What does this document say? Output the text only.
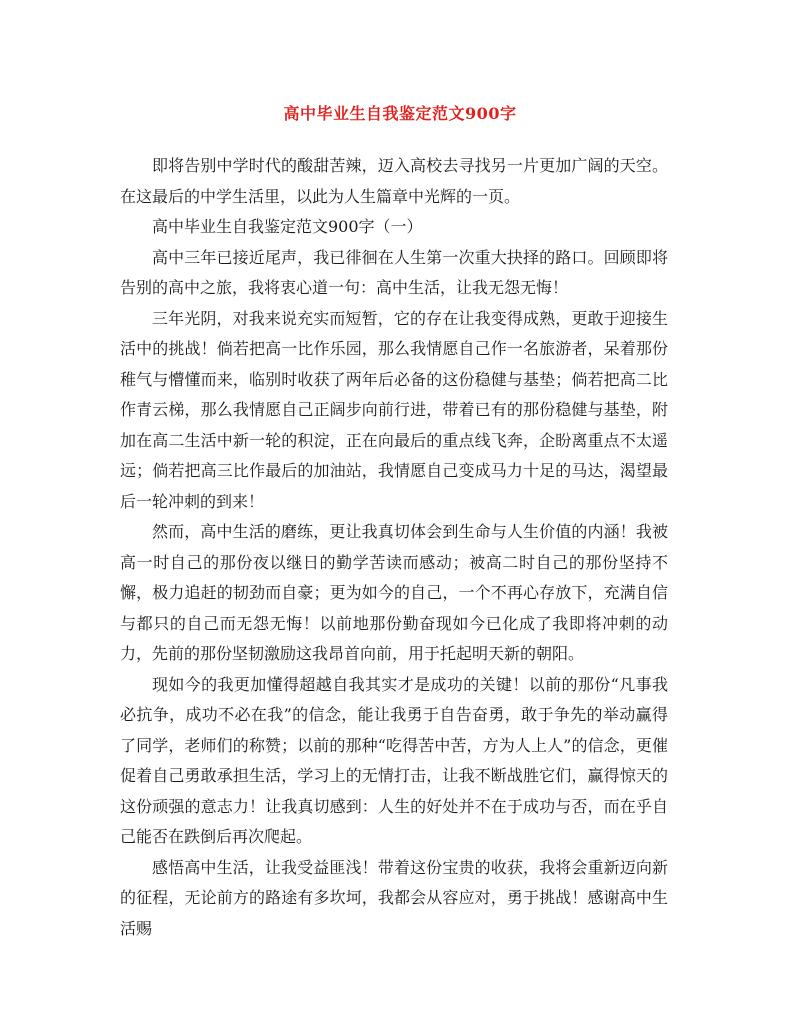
高中毕业生自我鉴定范文900字

即将告别中学时代的酸甜苦辣，迈入高校去寻找另一片更加广阔的天空。在这最后的中学生活里，以此为人生篇章中光辉的一页。

高中毕业生自我鉴定范文900字（一）

高中三年已接近尾声，我已徘徊在人生第一次重大抉择的路口。回顾即将告别的高中之旅，我将衷心道一句：高中生活，让我无怨无悔！

三年光阴，对我来说充实而短暂，它的存在让我变得成熟，更敢于迎接生活中的挑战！倘若把高一比作乐园，那么我情愿自己作一名旅游者，呆着那份稚气与懵懂而来，临别时收获了两年后必备的这份稳健与基垫；倘若把高二比作青云梯，那么我情愿自己正阔步向前行进，带着已有的那份稳健与基垫，附加在高二生活中新一轮的积淀，正在向最后的重点线飞奔，企盼离重点不太遥远；倘若把高三比作最后的加油站，我情愿自己变成马力十足的马达，渴望最后一轮冲刺的到来！

然而，高中生活的磨练，更让我真切体会到生命与人生价值的内涵！我被高一时自己的那份夜以继日的勤学苦读而感动；被高二时自己的那份坚持不懈，极力追赶的韧劲而自豪；更为如今的自己，一个不再心存放下，充满自信与都只的自己而无怨无悔！以前地那份勤奋现如今已化成了我即将冲刺的动力，先前的那份坚韧激励这我昂首向前，用于托起明天新的朝阳。

现如今的我更加懂得超越自我其实才是成功的关键！以前的那份“凡事我必抗争，成功不必在我”的信念，能让我勇于自告奋勇，敢于争先的举动赢得了同学，老师们的称赞；以前的那种“吃得苦中苦，方为人上人”的信念，更催促着自己勇敢承担生活，学习上的无情打击，让我不断战胜它们，赢得惊天的这份顽强的意志力！让我真切感到：人生的好处并不在于成功与否，而在乎自己能否在跌倒后再次爬起。

感悟高中生活，让我受益匪浅！带着这份宝贵的收获，我将会重新迈向新的征程，无论前方的路途有多坎坷，我都会从容应对，勇于挑战！感谢高中生活赐
